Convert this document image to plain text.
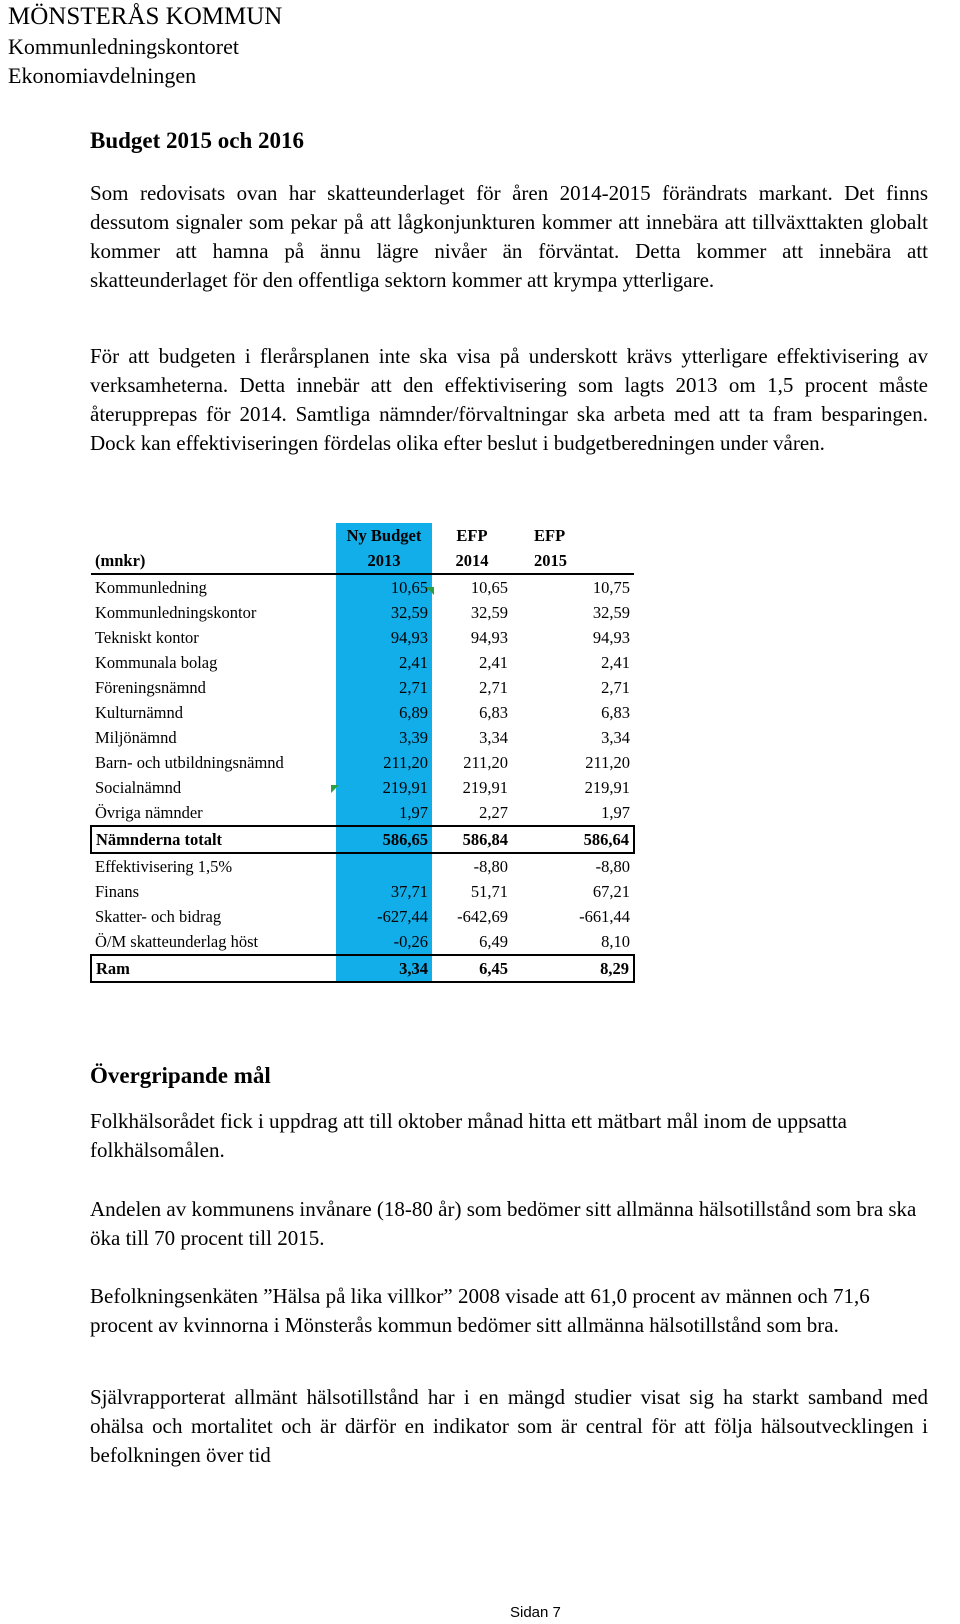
MÖNSTERÅS KOMMUN
Kommunledningskontoret
Ekonomiavdelningen
Budget 2015 och 2016

Som redovisats ovan har skatteunderlaget för åren 2014-2015 förändrats markant. Det finns dessutom signaler som pekar på att lågkonjunkturen kommer att innebära att tillväxttakten globalt kommer att hamna på ännu lägre nivåer än förväntat. Detta kommer att innebära att skatteunderlaget för den offentliga sektorn kommer att krympa ytterligare.

För att budgeten i flerårsplanen inte ska visa på underskott krävs ytterligare effektivisering av verksamheterna. Detta innebär att den effektivisering som lagts 2013 om 1,5 procent måste återupprepas för 2014. Samtliga nämnder/förvaltningar ska arbeta med att ta fram besparingen. Dock kan effektiviseringen fördelas olika efter beslut i budgetberedningen under våren.

	Ny Budget	EFP	EFP
(mnkr)	2013	2014	2015
Kommunledning	10,65	10,65	10,75
Kommunledningskontor	32,59	32,59	32,59
Tekniskt kontor	94,93	94,93	94,93
Kommunala bolag	2,41	2,41	2,41
Föreningsnämnd	2,71	2,71	2,71
Kulturnämnd	6,89	6,83	6,83
Miljönämnd	3,39	3,34	3,34
Barn- och utbildningsnämnd	211,20	211,20	211,20
Socialnämnd	219,91	219,91	219,91
Övriga nämnder	1,97	2,27	1,97
Nämnderna totalt	586,65	586,84	586,64
Effektivisering 1,5%		-8,80	-8,80
Finans	37,71	51,71	67,21
Skatter- och bidrag	-627,44	-642,69	-661,44
Ö/M skatteunderlag höst	-0,26	6,49	8,10
Ram	3,34	6,45	8,29
Övergripande mål

Folkhälsorådet fick i uppdrag att till oktober månad hitta ett mätbart mål inom de uppsatta folkhälsomålen.

Andelen av kommunens invånare (18-80 år) som bedömer sitt allmänna hälsotillstånd som bra ska öka till 70 procent till 2015.

Befolkningsenkäten ”Hälsa på lika villkor” 2008 visade att 61,0 procent av männen och 71,6 procent av kvinnorna i Mönsterås kommun bedömer sitt allmänna hälsotillstånd som bra.

Självrapporterat allmänt hälsotillstånd har i en mängd studier visat sig ha starkt samband med ohälsa och mortalitet och är därför en indikator som är central för att följa hälsoutvecklingen i befolkningen över tid

Sidan 7
